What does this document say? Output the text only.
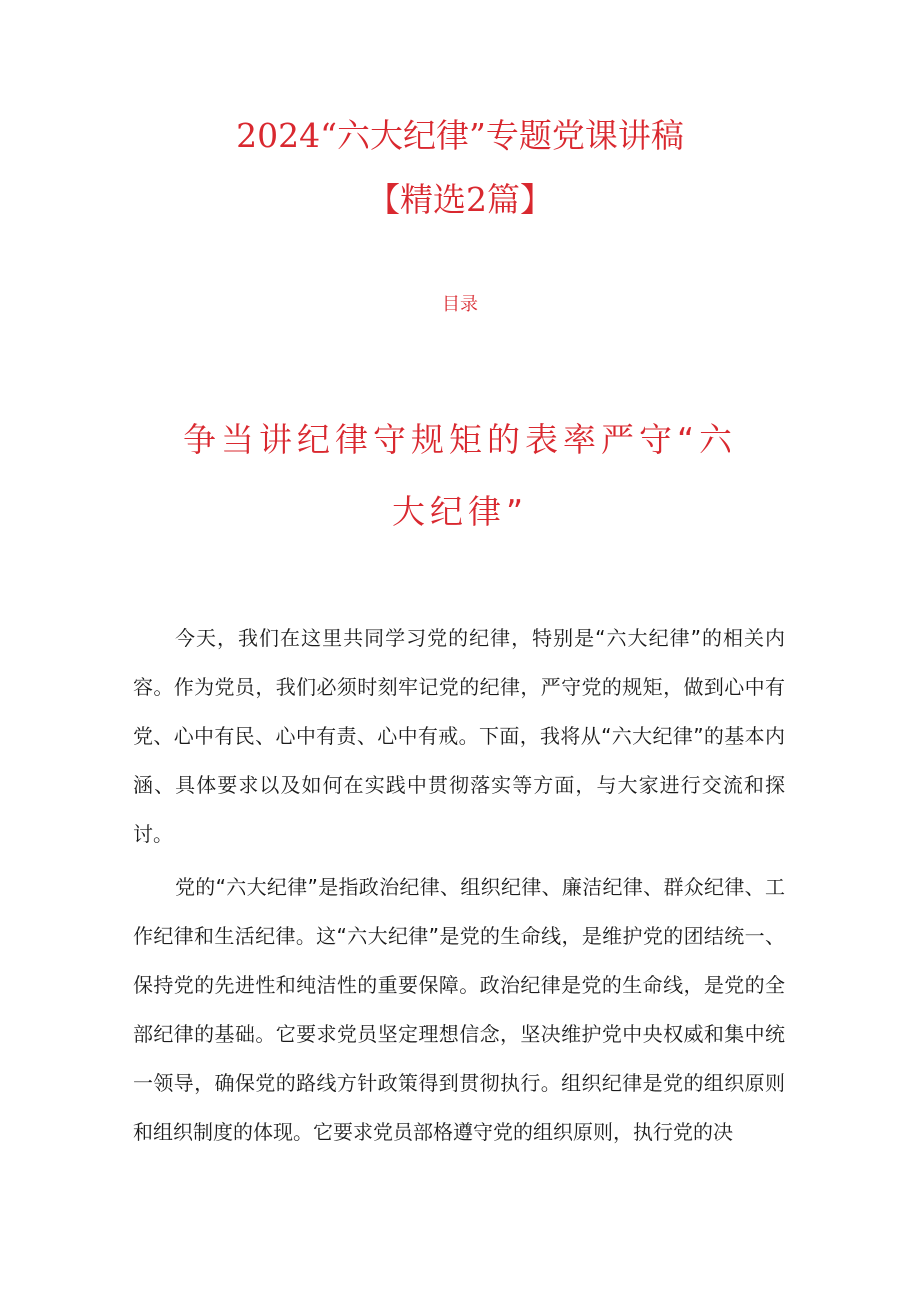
2024“六大纪律”专题党课讲稿
【精选2篇】
目录
争当讲纪律守规矩的表率严守“六
大纪律”

今天，我们在这里共同学习党的纪律，特别是“六大纪律”的相关内容。作为党员，我们必须时刻牢记党的纪律，严守党的规矩，做到心中有党、心中有民、心中有责、心中有戒。下面，我将从“六大纪律”的基本内涵、具体要求以及如何在实践中贯彻落实等方面，与大家进行交流和探讨。

党的“六大纪律”是指政治纪律、组织纪律、廉洁纪律、群众纪律、工作纪律和生活纪律。这“六大纪律”是党的生命线，是维护党的团结统一、保持党的先进性和纯洁性的重要保障。政治纪律是党的生命线，是党的全部纪律的基础。它要求党员坚定理想信念，坚决维护党中央权威和集中统一领导，确保党的路线方针政策得到贯彻执行。组织纪律是党的组织原则和组织制度的体现。它要求党员部格遵守党的组织原则，执行党的决
